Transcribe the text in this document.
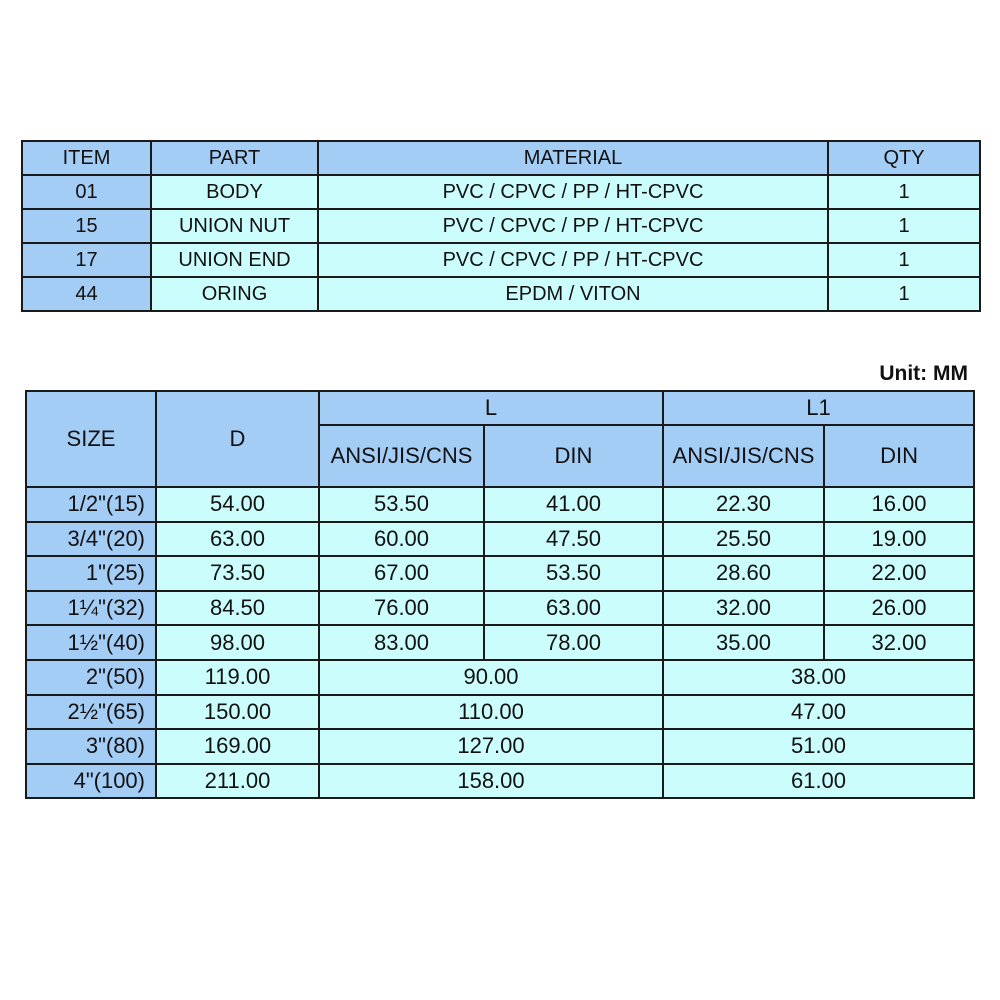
ITEM	PART	MATERIAL	QTY
01	BODY	PVC / CPVC / PP / HT-CPVC	1
15	UNION NUT	PVC / CPVC / PP / HT-CPVC	1
17	UNION END	PVC / CPVC / PP / HT-CPVC	1
44	ORING	EPDM / VITON	1
Unit: MM
SIZE	D	L		L1	
		ANSI/JIS/CNS	DIN	ANSI/JIS/CNS	DIN
1/2"(15)	54.00	53.50	41.00	22.30	16.00
3/4"(20)	63.00	60.00	47.50	25.50	19.00
1"(25)	73.50	67.00	53.50	28.60	22.00
1¼"(32)	84.50	76.00	63.00	32.00	26.00
1½"(40)	98.00	83.00	78.00	35.00	32.00
2"(50)	119.00	90.00		38.00	
2½"(65)	150.00	110.00		47.00	
3"(80)	169.00	127.00		51.00	
4"(100)	211.00	158.00		61.00	
